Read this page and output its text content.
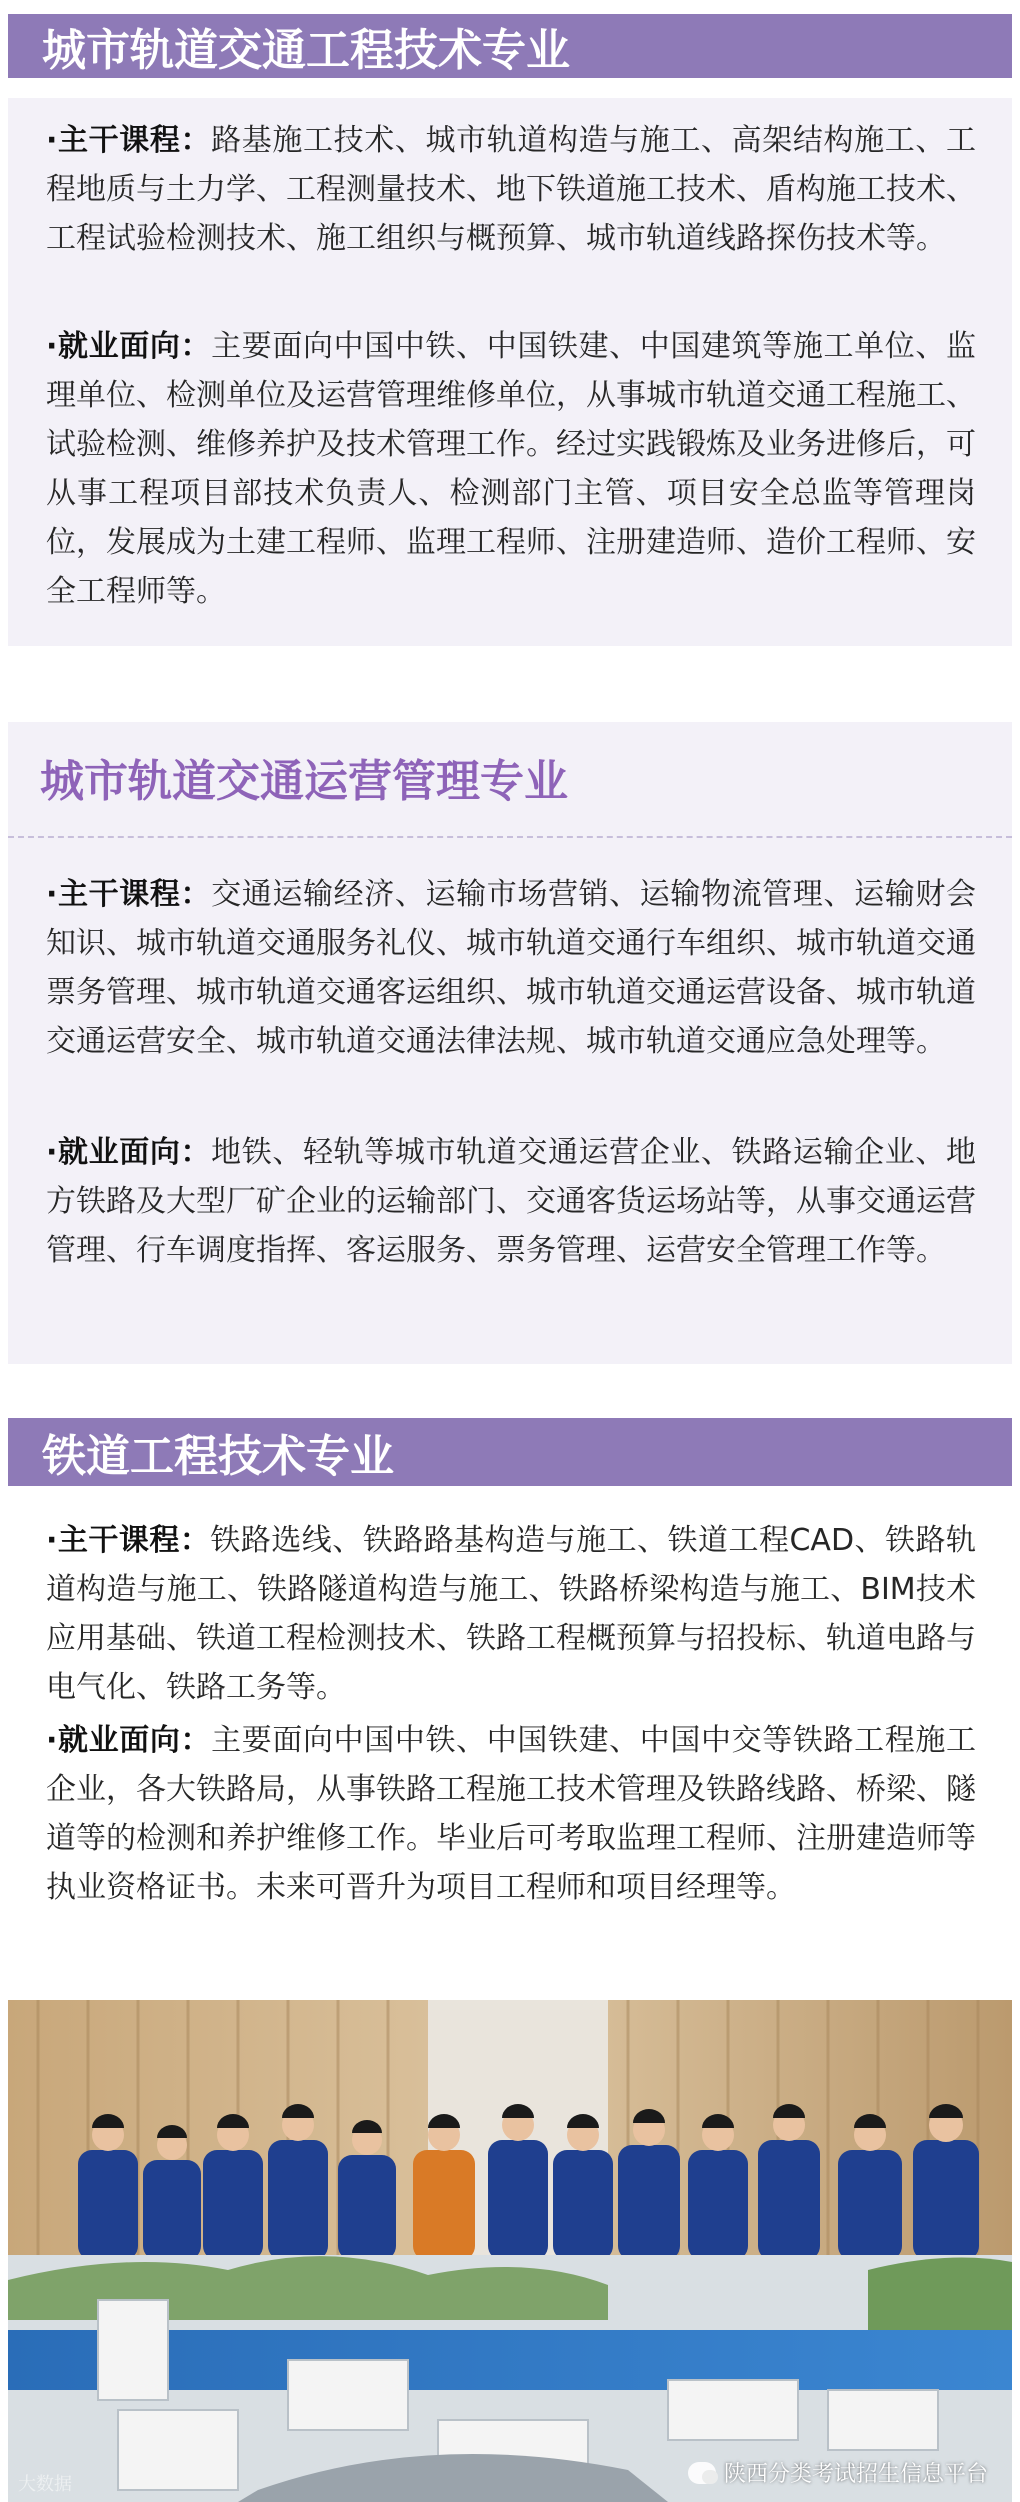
城市轨道交通工程技术专业
·主干课程：路基施工技术、城市轨道构造与施工、高架结构施工、工程地质与土力学、工程测量技术、地下铁道施工技术、盾构施工技术、工程试验检测技术、施工组织与概预算、城市轨道线路探伤技术等。
·就业面向：主要面向中国中铁、中国铁建、中国建筑等施工单位、监理单位、检测单位及运营管理维修单位，从事城市轨道交通工程施工、试验检测、维修养护及技术管理工作。经过实践锻炼及业务进修后，可从事工程项目部技术负责人、检测部门主管、项目安全总监等管理岗位，发展成为土建工程师、监理工程师、注册建造师、造价工程师、安全工程师等。
城市轨道交通运营管理专业
·主干课程：交通运输经济、运输市场营销、运输物流管理、运输财会知识、城市轨道交通服务礼仪、城市轨道交通行车组织、城市轨道交通票务管理、城市轨道交通客运组织、城市轨道交通运营设备、城市轨道交通运营安全、城市轨道交通法律法规、城市轨道交通应急处理等。
·就业面向：地铁、轻轨等城市轨道交通运营企业、铁路运输企业、地方铁路及大型厂矿企业的运输部门、交通客货运场站等，从事交通运营管理、行车调度指挥、客运服务、票务管理、运营安全管理工作等。
铁道工程技术专业
·主干课程：铁路选线、铁路路基构造与施工、铁道工程CAD、铁路轨道构造与施工、铁路隧道构造与施工、铁路桥梁构造与施工、BIM技术应用基础、铁道工程检测技术、铁路工程概预算与招投标、轨道电路与电气化、铁路工务等。
·就业面向：主要面向中国中铁、中国铁建、中国中交等铁路工程施工企业，各大铁路局，从事铁路工程施工技术管理及铁路线路、桥梁、隧道等的检测和养护维修工作。毕业后可考取监理工程师、注册建造师等执业资格证书。未来可晋升为项目工程师和项目经理等。
大数据	陕西分类考试招生信息平台
